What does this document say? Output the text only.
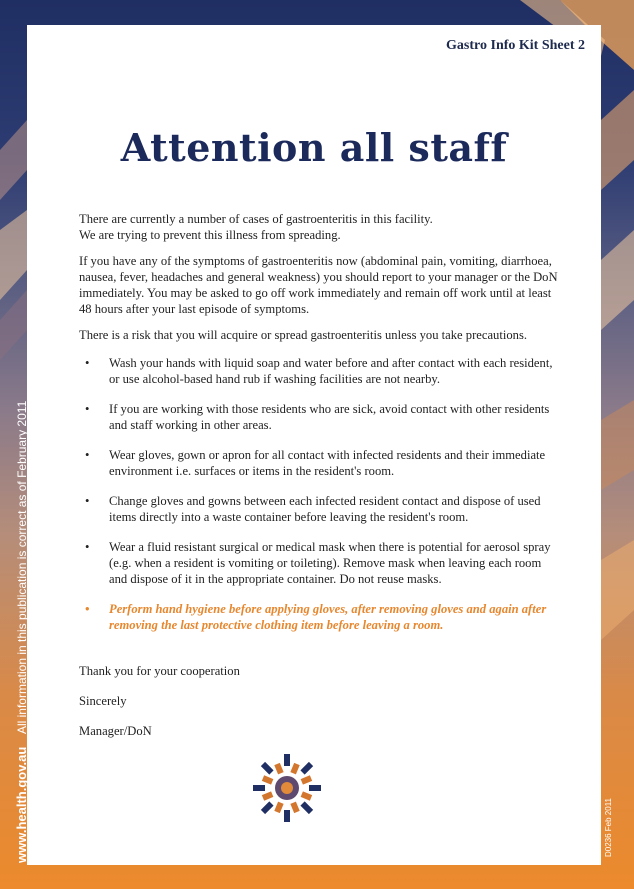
Gastro Info Kit Sheet 2
Attention all staff

There are currently a number of cases of gastroenteritis in this facility.
We are trying to prevent this illness from spreading.

If you have any of the symptoms of gastroenteritis now (abdominal pain, vomiting, diarrhoea, nausea, fever, headaches and general weakness) you should report to your manager or the DoN immediately. You may be asked to go off work immediately and remain off work until at least 48 hours after your last episode of symptoms.

There is a risk that you will acquire or spread gastroenteritis unless you take precautions.

• Wash your hands with liquid soap and water before and after contact with each resident, or use alcohol-based hand rub if washing facilities are not nearby.
• If you are working with those residents who are sick, avoid contact with other residents and staff working in other areas.
• Wear gloves, gown or apron for all contact with infected residents and their immediate environment i.e. surfaces or items in the resident's room.
• Change gloves and gowns between each infected resident contact and dispose of used items directly into a waste container before leaving the resident's room.
• Wear a fluid resistant surgical or medical mask when there is potential for aerosol spray (e.g. when a resident is vomiting or toileting). Remove mask when leaving each room and dispose of it in the appropriate container. Do not reuse masks.
• Perform hand hygiene before applying gloves, after removing gloves and again after removing the last protective clothing item before leaving a room.

Thank you for your cooperation

Sincerely

Manager/DoN

www.health.gov.au All information in this publication is correct as of February 2011
D0236 Feb 2011
